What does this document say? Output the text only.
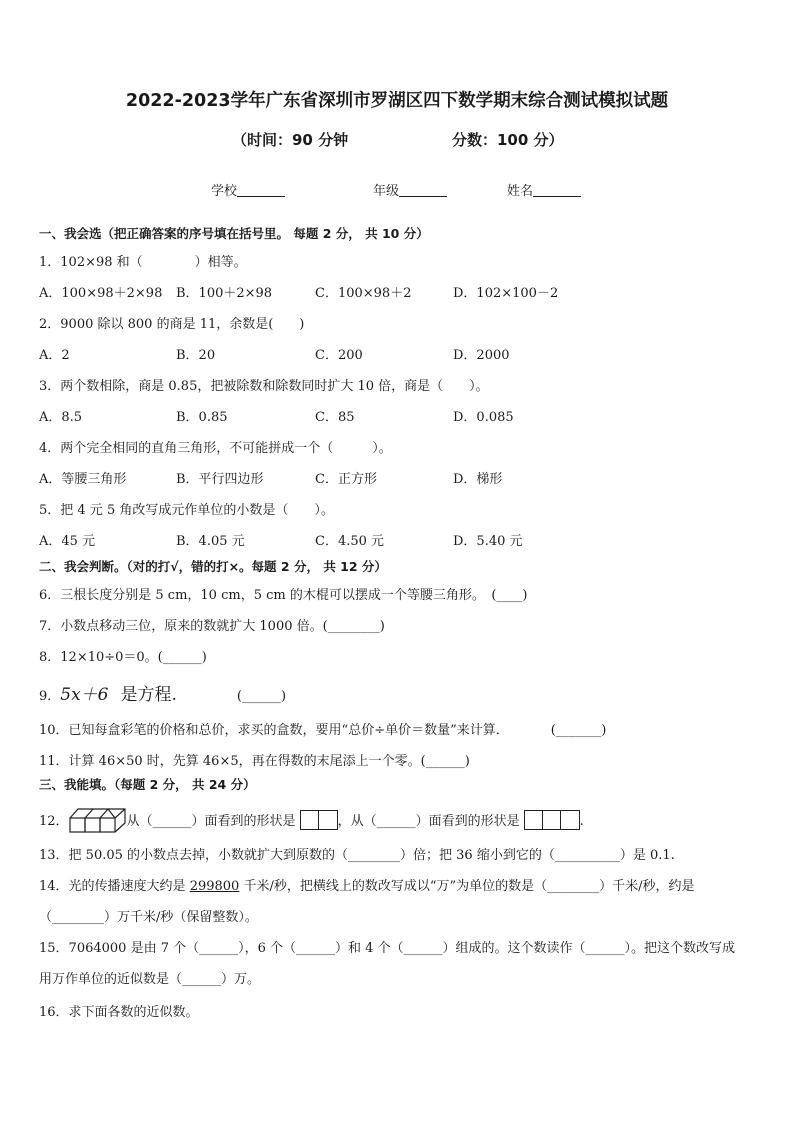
2022-2023学年广东省深圳市罗湖区四下数学期末综合测试模拟试题
（时间：90 分钟	分数：100 分）
学校	年级	姓名
一、我会选（把正确答案的序号填在括号里。 每题 2 分， 共 10 分）
1．102×98 和（　　　　）相等。
A．100×98＋2×98 B．100＋2×98	C．100×98＋2	D．102×100－2
2．9000 除以 800 的商是 11，余数是(　　)
A．2	B．20	C．200	D．2000
3．两个数相除，商是 0.85，把被除数和除数同时扩大 10 倍，商是（　　）。
A．8.5	B．0.85	C．85	D．0.085
4．两个完全相同的直角三角形，不可能拼成一个（　　　）。
A．等腰三角形	B．平行四边形	C．正方形	D．梯形
5．把 4 元 5 角改写成元作单位的小数是（　　）。
A．45 元	B．4.05 元	C．4.50 元	D．5.40 元
二、我会判断。（对的打√，错的打×。每题 2 分， 共 12 分）
6．三根长度分别是 5 cm，10 cm，5 cm 的木棍可以摆成一个等腰三角形。　(____)
7．小数点移动三位，原来的数就扩大 1000 倍。(________)
8．12×10÷0＝0。(______)
9．5x＋6 是方程.	(______)
10．已知每盒彩笔的价格和总价，求买的盒数，要用“总价÷单价＝数量”来计算．	(_______)
11．计算 46×50 时，先算 46×5，再在得数的末尾添上一个零。(______)
三、我能填。（每题 2 分， 共 24 分）
12．	从（______）面看到的形状是	，从（______）面看到的形状是	.
13．把 50.05 的小数点去掉，小数就扩大到原数的（________）倍；把 36 缩小到它的（__________）是 0.1.
14．光的传播速度大约是 299800 千米/秒，把横线上的数改写成以“万”为单位的数是（________）千米/秒，约是
（________）万千米/秒（保留整数）。
15．7064000 是由 7 个（______），6 个（______）和 4 个（______）组成的。这个数读作（______）。把这个数改写成
用万作单位的近似数是（______）万。
16．求下面各数的近似数。
